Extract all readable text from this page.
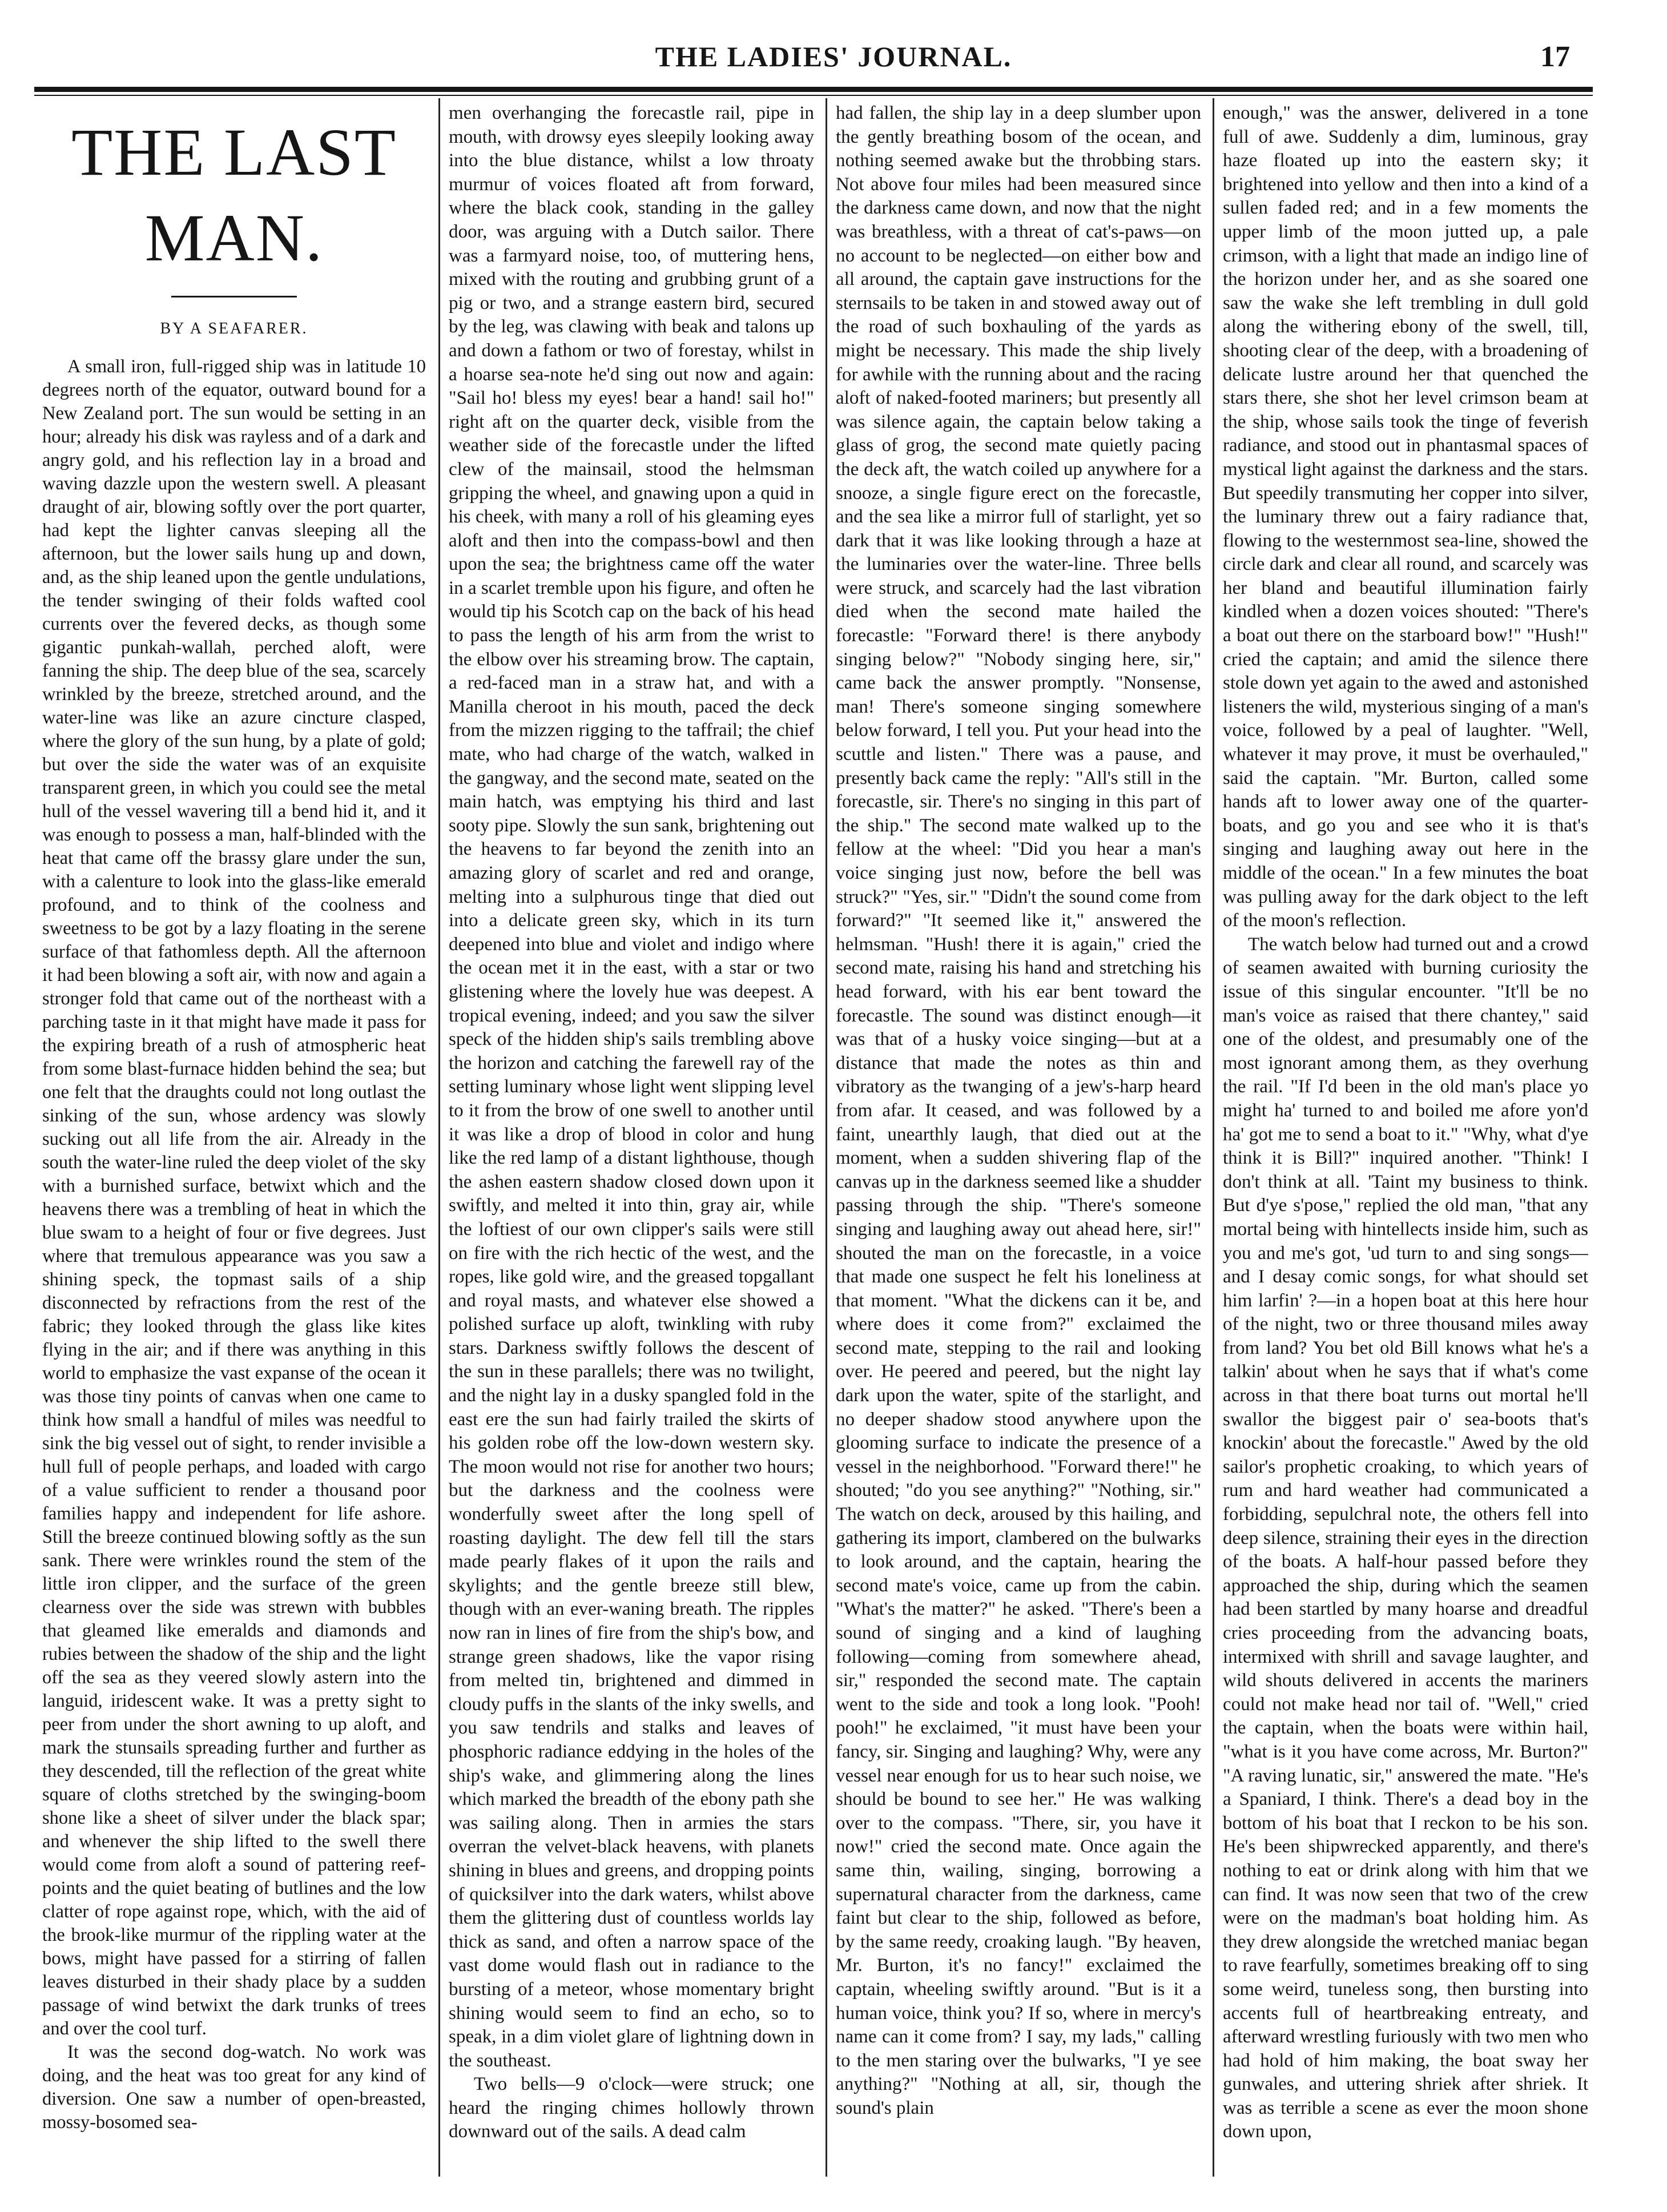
THE LADIES' JOURNAL.	17
THE LAST MAN.
BY A SEAFARER.

A small iron, full-rigged ship was in latitude 10 degrees north of the equator, outward bound for a New Zealand port. The sun would be setting in an hour; already his disk was rayless and of a dark and angry gold, and his reflection lay in a broad and waving dazzle upon the western swell. A pleasant draught of air, blowing softly over the port quarter, had kept the lighter canvas sleeping all the afternoon, but the lower sails hung up and down, and, as the ship leaned upon the gentle undulations, the tender swinging of their folds wafted cool currents over the fevered decks, as though some gigantic punkah-wallah, perched aloft, were fanning the ship. The deep blue of the sea, scarcely wrinkled by the breeze, stretched around, and the water-line was like an azure cincture clasped, where the glory of the sun hung, by a plate of gold; but over the side the water was of an exquisite transparent green, in which you could see the metal hull of the vessel wavering till a bend hid it, and it was enough to possess a man, half-blinded with the heat that came off the brassy glare under the sun, with a calenture to look into the glass-like emerald profound, and to think of the coolness and sweetness to be got by a lazy floating in the serene surface of that fathomless depth. All the afternoon it had been blowing a soft air, with now and again a stronger fold that came out of the northeast with a parching taste in it that might have made it pass for the expiring breath of a rush of atmospheric heat from some blast-furnace hidden behind the sea; but one felt that the draughts could not long outlast the sinking of the sun, whose ardency was slowly sucking out all life from the air. Already in the south the water-line ruled the deep violet of the sky with a burnished surface, betwixt which and the heavens there was a trembling of heat in which the blue swam to a height of four or five degrees. Just where that tremulous appearance was you saw a shining speck, the topmast sails of a ship disconnected by refractions from the rest of the fabric; they looked through the glass like kites flying in the air; and if there was anything in this world to emphasize the vast expanse of the ocean it was those tiny points of canvas when one came to think how small a handful of miles was needful to sink the big vessel out of sight, to render invisible a hull full of people perhaps, and loaded with cargo of a value sufficient to render a thousand poor families happy and independent for life ashore. Still the breeze continued blowing softly as the sun sank. There were wrinkles round the stem of the little iron clipper, and the surface of the green clearness over the side was strewn with bubbles that gleamed like emeralds and diamonds and rubies between the shadow of the ship and the light off the sea as they veered slowly astern into the languid, iridescent wake. It was a pretty sight to peer from under the short awning to up aloft, and mark the stunsails spreading further and further as they descended, till the reflection of the great white square of cloths stretched by the swinging-boom shone like a sheet of silver under the black spar; and whenever the ship lifted to the swell there would come from aloft a sound of pattering reef-points and the quiet beating of butlines and the low clatter of rope against rope, which, with the aid of the brook-like murmur of the rippling water at the bows, might have passed for a stirring of fallen leaves disturbed in their shady place by a sudden passage of wind betwixt the dark trunks of trees and over the cool turf.

It was the second dog-watch. No work was doing, and the heat was too great for any kind of diversion. One saw a number of open-breasted, mossy-bosomed sea-

men overhanging the forecastle rail, pipe in mouth, with drowsy eyes sleepily looking away into the blue distance, whilst a low throaty murmur of voices floated aft from forward, where the black cook, standing in the galley door, was arguing with a Dutch sailor. There was a farmyard noise, too, of muttering hens, mixed with the routing and grubbing grunt of a pig or two, and a strange eastern bird, secured by the leg, was clawing with beak and talons up and down a fathom or two of forestay, whilst in a hoarse sea-note he'd sing out now and again: "Sail ho! bless my eyes! bear a hand! sail ho!" right aft on the quarter deck, visible from the weather side of the forecastle under the lifted clew of the mainsail, stood the helmsman gripping the wheel, and gnawing upon a quid in his cheek, with many a roll of his gleaming eyes aloft and then into the compass-bowl and then upon the sea; the brightness came off the water in a scarlet tremble upon his figure, and often he would tip his Scotch cap on the back of his head to pass the length of his arm from the wrist to the elbow over his streaming brow. The captain, a red-faced man in a straw hat, and with a Manilla cheroot in his mouth, paced the deck from the mizzen rigging to the taffrail; the chief mate, who had charge of the watch, walked in the gangway, and the second mate, seated on the main hatch, was emptying his third and last sooty pipe. Slowly the sun sank, brightening out the heavens to far beyond the zenith into an amazing glory of scarlet and red and orange, melting into a sulphurous tinge that died out into a delicate green sky, which in its turn deepened into blue and violet and indigo where the ocean met it in the east, with a star or two glistening where the lovely hue was deepest. A tropical evening, indeed; and you saw the silver speck of the hidden ship's sails trembling above the horizon and catching the farewell ray of the setting luminary whose light went slipping level to it from the brow of one swell to another until it was like a drop of blood in color and hung like the red lamp of a distant lighthouse, though the ashen eastern shadow closed down upon it swiftly, and melted it into thin, gray air, while the loftiest of our own clipper's sails were still on fire with the rich hectic of the west, and the ropes, like gold wire, and the greased topgallant and royal masts, and whatever else showed a polished surface up aloft, twinkling with ruby stars. Darkness swiftly follows the descent of the sun in these parallels; there was no twilight, and the night lay in a dusky spangled fold in the east ere the sun had fairly trailed the skirts of his golden robe off the low-down western sky. The moon would not rise for another two hours; but the darkness and the coolness were wonderfully sweet after the long spell of roasting daylight. The dew fell till the stars made pearly flakes of it upon the rails and skylights; and the gentle breeze still blew, though with an ever-waning breath. The ripples now ran in lines of fire from the ship's bow, and strange green shadows, like the vapor rising from melted tin, brightened and dimmed in cloudy puffs in the slants of the inky swells, and you saw tendrils and stalks and leaves of phosphoric radiance eddying in the holes of the ship's wake, and glimmering along the lines which marked the breadth of the ebony path she was sailing along. Then in armies the stars overran the velvet-black heavens, with planets shining in blues and greens, and dropping points of quicksilver into the dark waters, whilst above them the glittering dust of countless worlds lay thick as sand, and often a narrow space of the vast dome would flash out in radiance to the bursting of a meteor, whose momentary bright shining would seem to find an echo, so to speak, in a dim violet glare of lightning down in the southeast.

Two bells—9 o'clock—were struck; one heard the ringing chimes hollowly thrown downward out of the sails. A dead calm

had fallen, the ship lay in a deep slumber upon the gently breathing bosom of the ocean, and nothing seemed awake but the throbbing stars. Not above four miles had been measured since the darkness came down, and now that the night was breathless, with a threat of cat's-paws—on no account to be neglected—on either bow and all around, the captain gave instructions for the sternsails to be taken in and stowed away out of the road of such boxhauling of the yards as might be necessary. This made the ship lively for awhile with the running about and the racing aloft of naked-footed mariners; but presently all was silence again, the captain below taking a glass of grog, the second mate quietly pacing the deck aft, the watch coiled up anywhere for a snooze, a single figure erect on the forecastle, and the sea like a mirror full of starlight, yet so dark that it was like looking through a haze at the luminaries over the water-line. Three bells were struck, and scarcely had the last vibration died when the second mate hailed the forecastle: "Forward there! is there anybody singing below?" "Nobody singing here, sir," came back the answer promptly. "Nonsense, man! There's someone singing somewhere below forward, I tell you. Put your head into the scuttle and listen." There was a pause, and presently back came the reply: "All's still in the forecastle, sir. There's no singing in this part of the ship." The second mate walked up to the fellow at the wheel: "Did you hear a man's voice singing just now, before the bell was struck?" "Yes, sir." "Didn't the sound come from forward?" "It seemed like it," answered the helmsman. "Hush! there it is again," cried the second mate, raising his hand and stretching his head forward, with his ear bent toward the forecastle. The sound was distinct enough—it was that of a husky voice singing—but at a distance that made the notes as thin and vibratory as the twanging of a jew's-harp heard from afar. It ceased, and was followed by a faint, unearthly laugh, that died out at the moment, when a sudden shivering flap of the canvas up in the darkness seemed like a shudder passing through the ship. "There's someone singing and laughing away out ahead here, sir!" shouted the man on the forecastle, in a voice that made one suspect he felt his loneliness at that moment. "What the dickens can it be, and where does it come from?" exclaimed the second mate, stepping to the rail and looking over. He peered and peered, but the night lay dark upon the water, spite of the starlight, and no deeper shadow stood anywhere upon the glooming surface to indicate the presence of a vessel in the neighborhood. "Forward there!" he shouted; "do you see anything?" "Nothing, sir." The watch on deck, aroused by this hailing, and gathering its import, clambered on the bulwarks to look around, and the captain, hearing the second mate's voice, came up from the cabin. "What's the matter?" he asked. "There's been a sound of singing and a kind of laughing following—coming from somewhere ahead, sir," responded the second mate. The captain went to the side and took a long look. "Pooh! pooh!" he exclaimed, "it must have been your fancy, sir. Singing and laughing? Why, were any vessel near enough for us to hear such noise, we should be bound to see her." He was walking over to the compass. "There, sir, you have it now!" cried the second mate. Once again the same thin, wailing, singing, borrowing a supernatural character from the darkness, came faint but clear to the ship, followed as before, by the same reedy, croaking laugh. "By heaven, Mr. Burton, it's no fancy!" exclaimed the captain, wheeling swiftly around. "But is it a human voice, think you? If so, where in mercy's name can it come from? I say, my lads," calling to the men staring over the bulwarks, "I ye see anything?" "Nothing at all, sir, though the sound's plain

enough," was the answer, delivered in a tone full of awe. Suddenly a dim, luminous, gray haze floated up into the eastern sky; it brightened into yellow and then into a kind of a sullen faded red; and in a few moments the upper limb of the moon jutted up, a pale crimson, with a light that made an indigo line of the horizon under her, and as she soared one saw the wake she left trembling in dull gold along the withering ebony of the swell, till, shooting clear of the deep, with a broadening of delicate lustre around her that quenched the stars there, she shot her level crimson beam at the ship, whose sails took the tinge of feverish radiance, and stood out in phantasmal spaces of mystical light against the darkness and the stars. But speedily transmuting her copper into silver, the luminary threw out a fairy radiance that, flowing to the westernmost sea-line, showed the circle dark and clear all round, and scarcely was her bland and beautiful illumination fairly kindled when a dozen voices shouted: "There's a boat out there on the starboard bow!" "Hush!" cried the captain; and amid the silence there stole down yet again to the awed and astonished listeners the wild, mysterious singing of a man's voice, followed by a peal of laughter. "Well, whatever it may prove, it must be overhauled," said the captain. "Mr. Burton, called some hands aft to lower away one of the quarter-boats, and go you and see who it is that's singing and laughing away out here in the middle of the ocean." In a few minutes the boat was pulling away for the dark object to the left of the moon's reflection.

The watch below had turned out and a crowd of seamen awaited with burning curiosity the issue of this singular encounter. "It'll be no man's voice as raised that there chantey," said one of the oldest, and presumably one of the most ignorant among them, as they overhung the rail. "If I'd been in the old man's place yo might ha' turned to and boiled me afore yon'd ha' got me to send a boat to it." "Why, what d'ye think it is Bill?" inquired another. "Think! I don't think at all. 'Taint my business to think. But d'ye s'pose," replied the old man, "that any mortal being with hintellects inside him, such as you and me's got, 'ud turn to and sing songs—and I desay comic songs, for what should set him larfin' ?—in a hopen boat at this here hour of the night, two or three thousand miles away from land? You bet old Bill knows what he's a talkin' about when he says that if what's come across in that there boat turns out mortal he'll swallor the biggest pair o' sea-boots that's knockin' about the forecastle." Awed by the old sailor's prophetic croaking, to which years of rum and hard weather had communicated a forbidding, sepulchral note, the others fell into deep silence, straining their eyes in the direction of the boats. A half-hour passed before they approached the ship, during which the seamen had been startled by many hoarse and dreadful cries proceeding from the advancing boats, intermixed with shrill and savage laughter, and wild shouts delivered in accents the mariners could not make head nor tail of. "Well," cried the captain, when the boats were within hail, "what is it you have come across, Mr. Burton?" "A raving lunatic, sir," answered the mate. "He's a Spaniard, I think. There's a dead boy in the bottom of his boat that I reckon to be his son. He's been shipwrecked apparently, and there's nothing to eat or drink along with him that we can find. It was now seen that two of the crew were on the madman's boat holding him. As they drew alongside the wretched maniac began to rave fearfully, sometimes breaking off to sing some weird, tuneless song, then bursting into accents full of heartbreaking entreaty, and afterward wrestling furiously with two men who had hold of him making, the boat sway her gunwales, and uttering shriek after shriek. It was as terrible a scene as ever the moon shone down upon,
